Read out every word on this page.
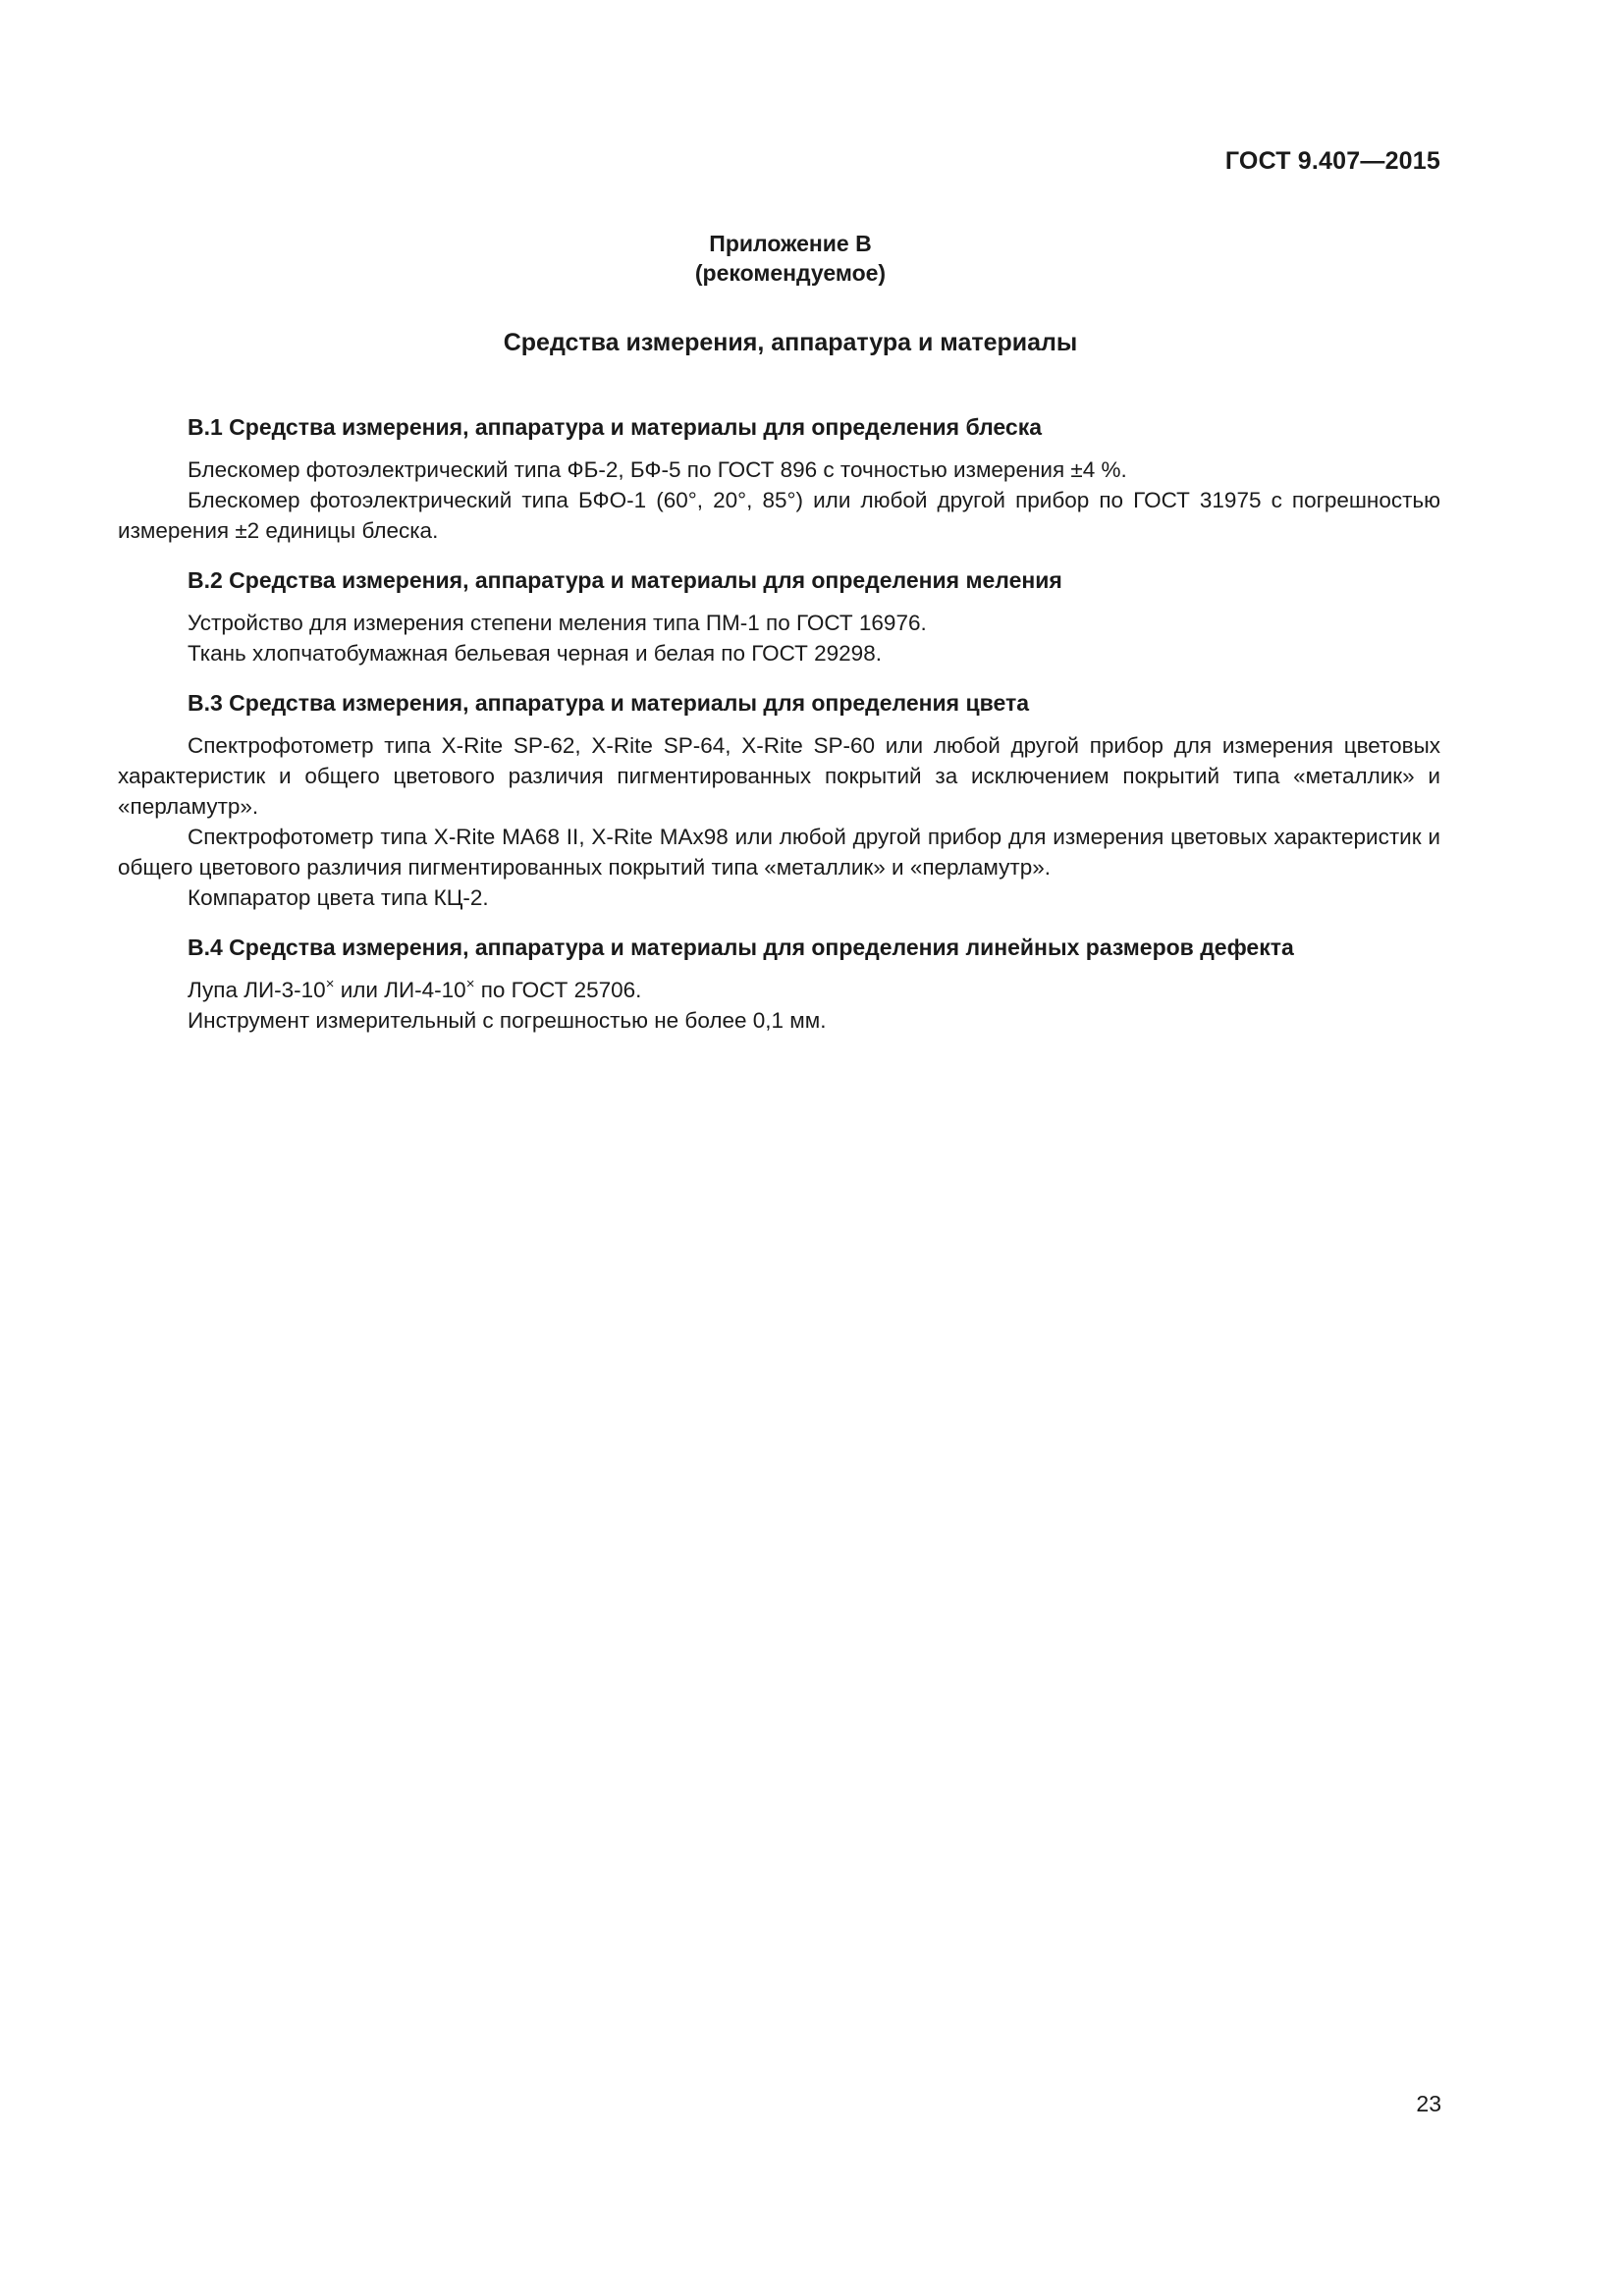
ГОСТ 9.407—2015
Приложение В
(рекомендуемое)
Средства измерения, аппаратура и материалы

В.1 Средства измерения, аппаратура и материалы для определения блеска

Блескомер фотоэлектрический типа ФБ-2, БФ-5 по ГОСТ 896 с точностью измерения ±4 %.

Блескомер фотоэлектрический типа БФО-1 (60°, 20°, 85°) или любой другой прибор по ГОСТ 31975 с погрешностью измерения ±2 единицы блеска.

В.2 Средства измерения, аппаратура и материалы для определения меления

Устройство для измерения степени меления типа ПМ-1 по ГОСТ 16976.

Ткань хлопчатобумажная бельевая черная и белая по ГОСТ 29298.

В.3 Средства измерения, аппаратура и материалы для определения цвета

Спектрофотометр типа X-Rite SP-62, X-Rite SP-64, X-Rite SP-60 или любой другой прибор для измерения цветовых характеристик и общего цветового различия пигментированных покрытий за исключением покрытий типа «металлик» и «перламутр».

Спектрофотометр типа X-Rite MA68 II, X-Rite MAx98 или любой другой прибор для измерения цветовых характеристик и общего цветового различия пигментированных покрытий типа «металлик» и «перламутр».

Компаратор цвета типа КЦ-2.

В.4 Средства измерения, аппаратура и материалы для определения линейных размеров дефекта

Лупа ЛИ-3-10× или ЛИ-4-10× по ГОСТ 25706.

Инструмент измерительный с погрешностью не более 0,1 мм.

23
